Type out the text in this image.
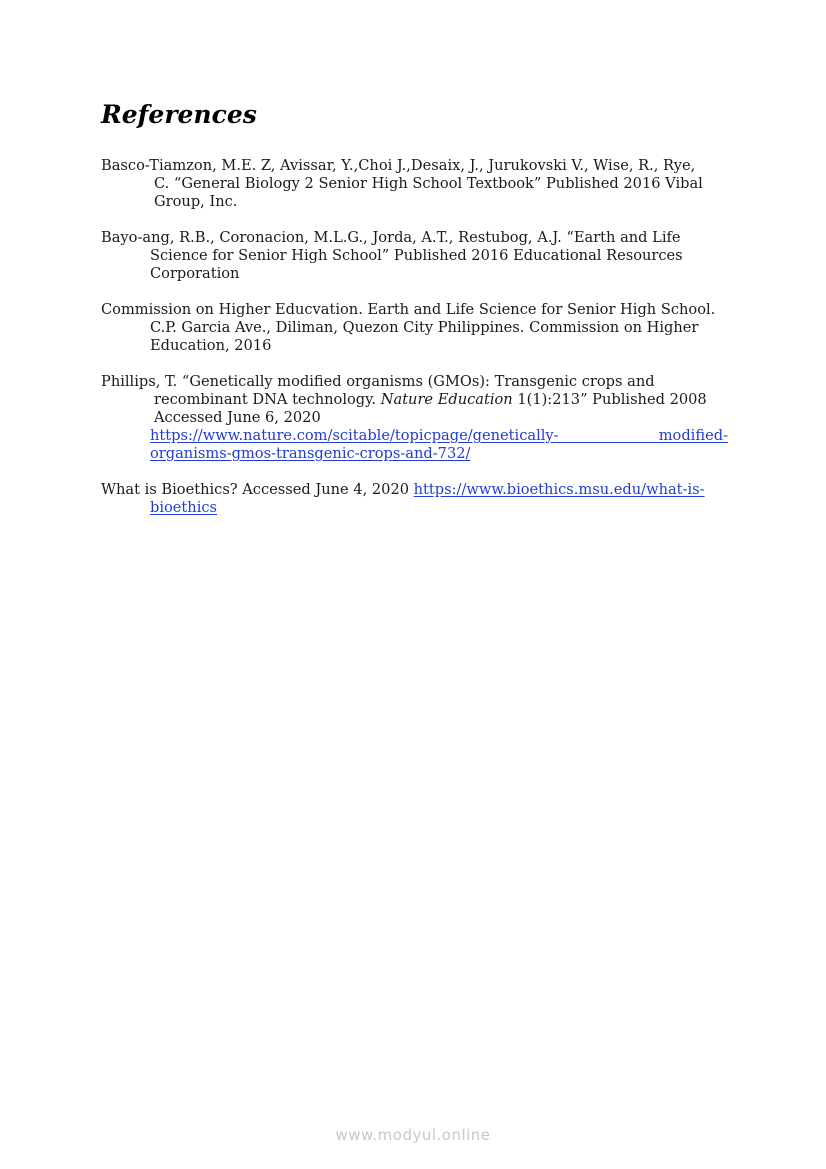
References
Basco-Tiamzon, M.E. Z, Avissar, Y.,Choi J.,Desaix, J., Jurukovski V., Wise, R., Rye,
C. “General Biology 2 Senior High School Textbook” Published 2016 Vibal Group, Inc.
Bayo-ang, R.B., Coronacion, M.L.G., Jorda, A.T., Restubog, A.J. “Earth and Life Science for Senior High School” Published 2016 Educational Resources Corporation
Commission on Higher Educvation. Earth and Life Science for Senior High School. C.P. Garcia Ave., Diliman, Quezon City Philippines. Commission on Higher Education, 2016
Phillips, T. “Genetically modified organisms (GMOs): Transgenic crops and
recombinant DNA technology. Nature Education 1(1):213” Published 2008
Accessed June 6, 2020
https://www.nature.com/scitable/topicpage/genetically- modified-
organisms-gmos-transgenic-crops-and-732/
What is Bioethics? Accessed June 4, 2020 https://www.bioethics.msu.edu/what-is-
bioethics
www.modyul.online
